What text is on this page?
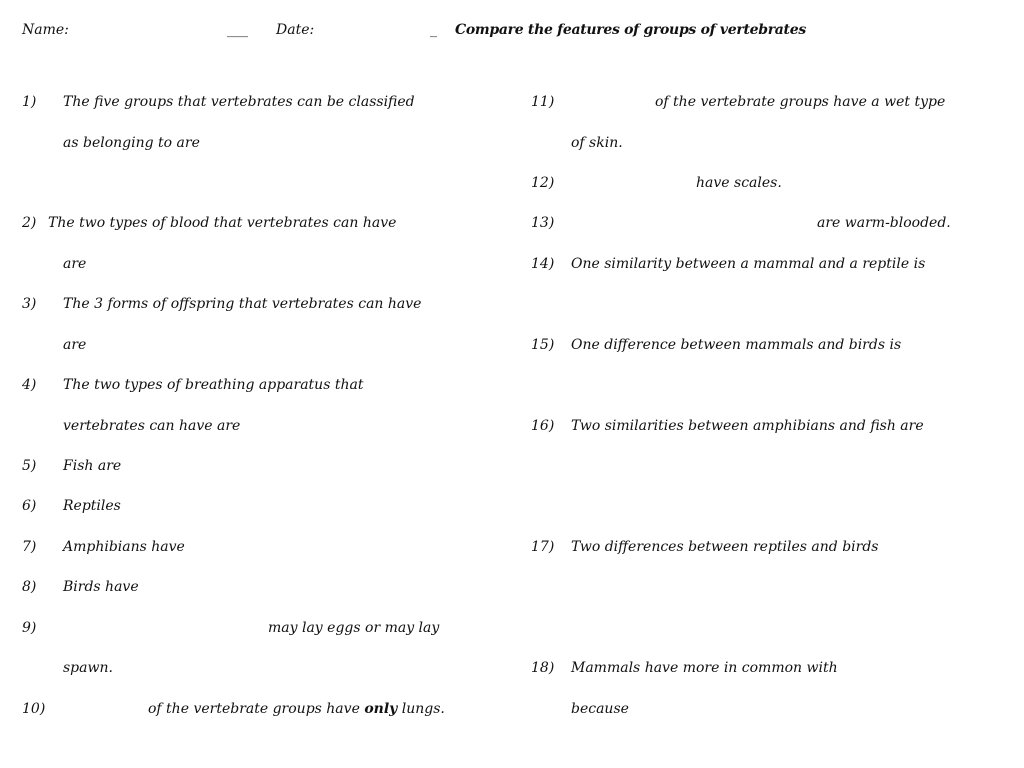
Name:	___ Date:	_ Compare the features of groups of vertebrates
1) The five groups that vertebrates can be classified
as belonging to are
2) The two types of blood that vertebrates can have
are
3) The 3 forms of offspring that vertebrates can have
are
4) The two types of breathing apparatus that
vertebrates can have are
5) Fish are
6) Reptiles
7) Amphibians have
8) Birds have
9)	may lay eggs or may lay
spawn.
10)	of the vertebrate groups have only lungs.
11)	of the vertebrate groups have a wet type
of skin.
12)	have scales.
13)	are warm-blooded.
14) One similarity between a mammal and a reptile is
15) One difference between mammals and birds is
16) Two similarities between amphibians and fish are
17) Two differences between reptiles and birds
18) Mammals have more in common with
because
